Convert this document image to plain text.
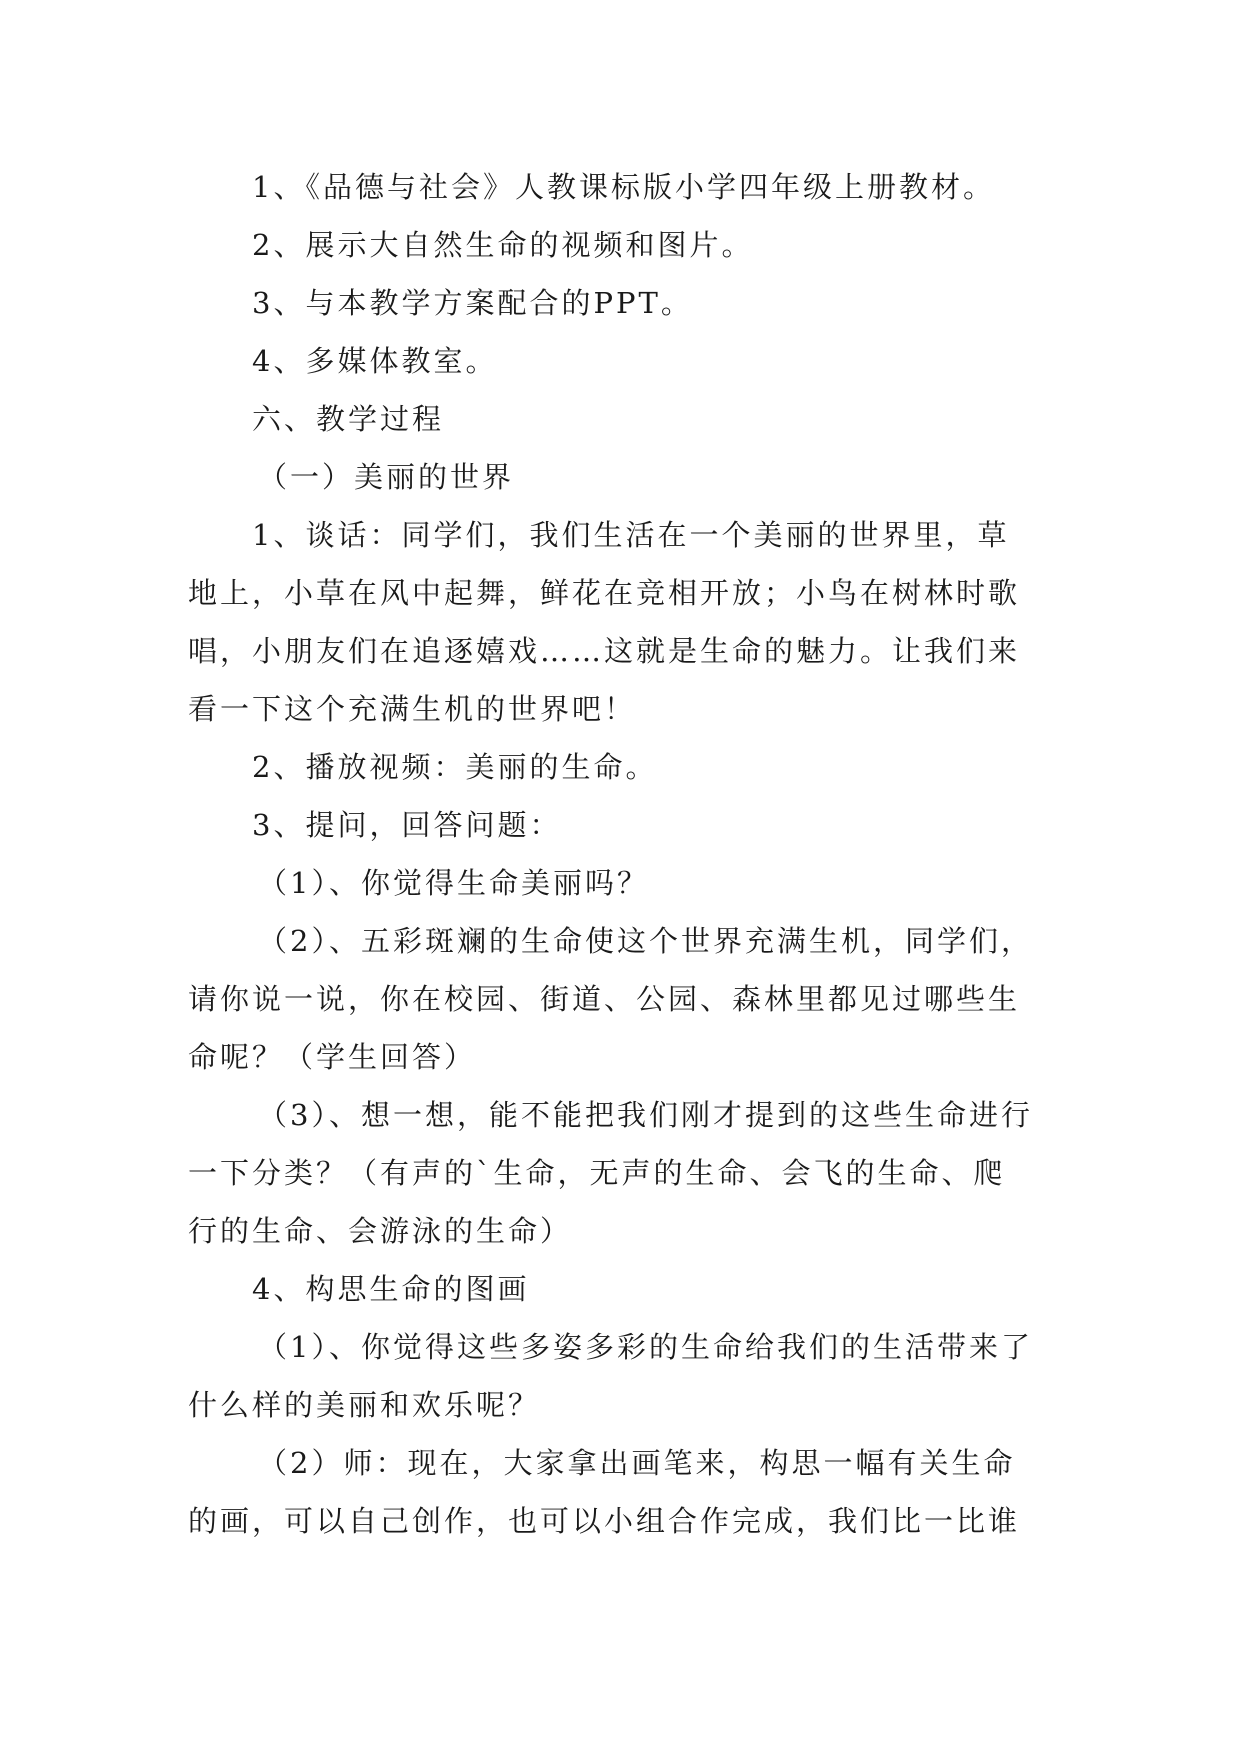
1、《品德与社会》人教课标版小学四年级上册教材。

2、展示大自然生命的视频和图片。

3、与本教学方案配合的PPT。

4、多媒体教室。

六、教学过程

（一）美丽的世界

1、谈话：同学们，我们生活在一个美丽的世界里，草

地上，小草在风中起舞，鲜花在竞相开放；小鸟在树林时歌

唱，小朋友们在追逐嬉戏……这就是生命的魅力。让我们来

看一下这个充满生机的世界吧！

2、播放视频：美丽的生命。

3、提问，回答问题：

（1）、你觉得生命美丽吗？

（2）、五彩斑斓的生命使这个世界充满生机，同学们，

请你说一说，你在校园、街道、公园、森林里都见过哪些生

命呢？（学生回答）

（3）、想一想，能不能把我们刚才提到的这些生命进行

一下分类？（有声的`生命，无声的生命、会飞的生命、爬

行的生命、会游泳的生命）

4、构思生命的图画

（1）、你觉得这些多姿多彩的生命给我们的生活带来了

什么样的美丽和欢乐呢？

（2）师：现在，大家拿出画笔来，构思一幅有关生命

的画，可以自己创作，也可以小组合作完成，我们比一比谁
